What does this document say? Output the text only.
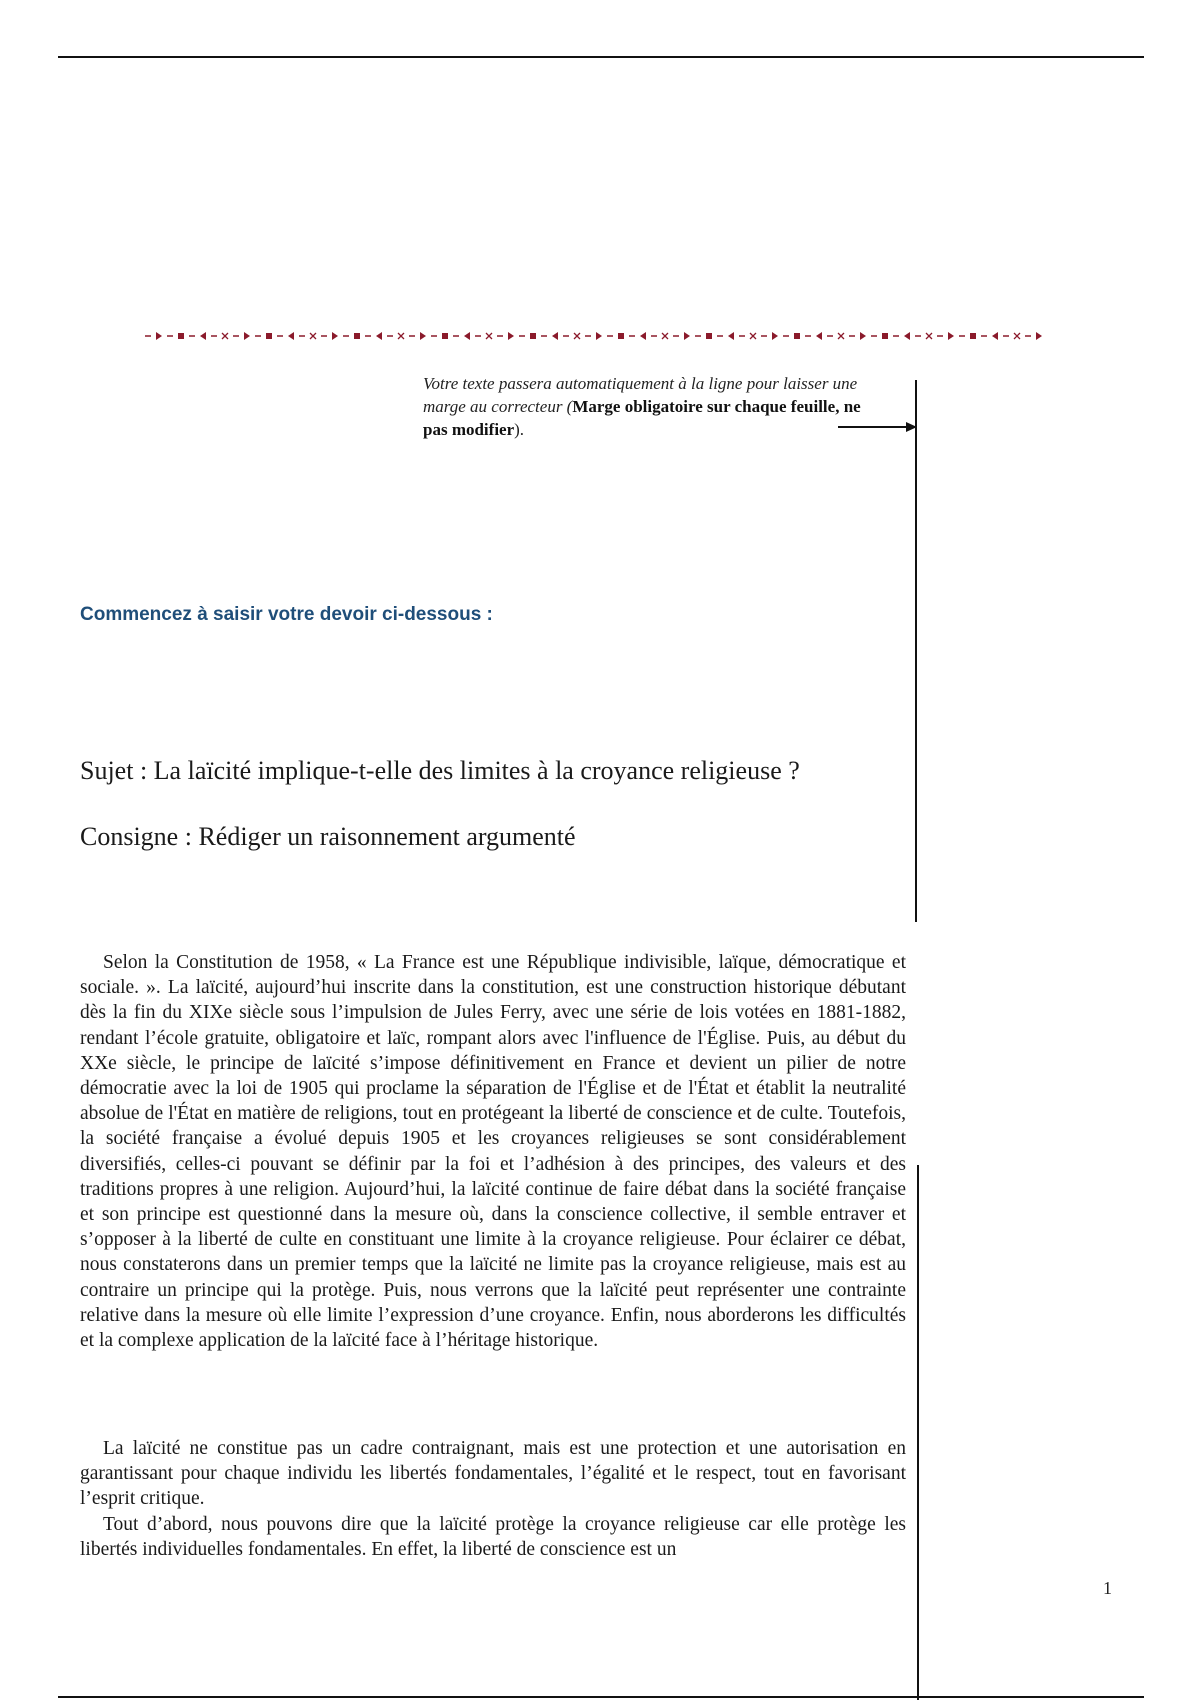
Votre texte passera automatiquement à la ligne pour laisser une marge au correcteur (Marge obligatoire sur chaque feuille, ne pas modifier).
Commencez à saisir votre devoir ci-dessous :
Sujet : La laïcité implique-t-elle des limites à la croyance religieuse ?
Consigne : Rédiger un raisonnement argumenté

Selon la Constitution de 1958, « La France est une République indivisible, laïque, démocratique et sociale. ». La laïcité, aujourd’hui inscrite dans la constitution, est une construction historique débutant dès la fin du XIXe siècle sous l’impulsion de Jules Ferry, avec une série de lois votées en 1881-1882, rendant l’école gratuite, obligatoire et laïc, rompant alors avec l'influence de l'Église. Puis, au début du XXe siècle, le principe de laïcité s’impose définitivement en France et devient un pilier de notre démocratie avec la loi de 1905 qui proclame la séparation de l'Église et de l'État et établit la neutralité absolue de l'État en matière de religions, tout en protégeant la liberté de conscience et de culte. Toutefois, la société française a évolué depuis 1905 et les croyances religieuses se sont considérablement diversifiés, celles-ci pouvant se définir par la foi et l’adhésion à des principes, des valeurs et des traditions propres à une religion. Aujourd’hui, la laïcité continue de faire débat dans la société française et son principe est questionné dans la mesure où, dans la conscience collective, il semble entraver et s’opposer à la liberté de culte en constituant une limite à la croyance religieuse. Pour éclairer ce débat, nous constaterons dans un premier temps que la laïcité ne limite pas la croyance religieuse, mais est au contraire un principe qui la protège. Puis, nous verrons que la laïcité peut représenter une contrainte relative dans la mesure où elle limite l’expression d’une croyance. Enfin, nous aborderons les difficultés et la complexe application de la laïcité face à l’héritage historique.

La laïcité ne constitue pas un cadre contraignant, mais est une protection et une autorisation en garantissant pour chaque individu les libertés fondamentales, l’égalité et le respect, tout en favorisant l’esprit critique.

Tout d’abord, nous pouvons dire que la laïcité protège la croyance religieuse car elle protège les libertés individuelles fondamentales. En effet, la liberté de conscience est un

1
